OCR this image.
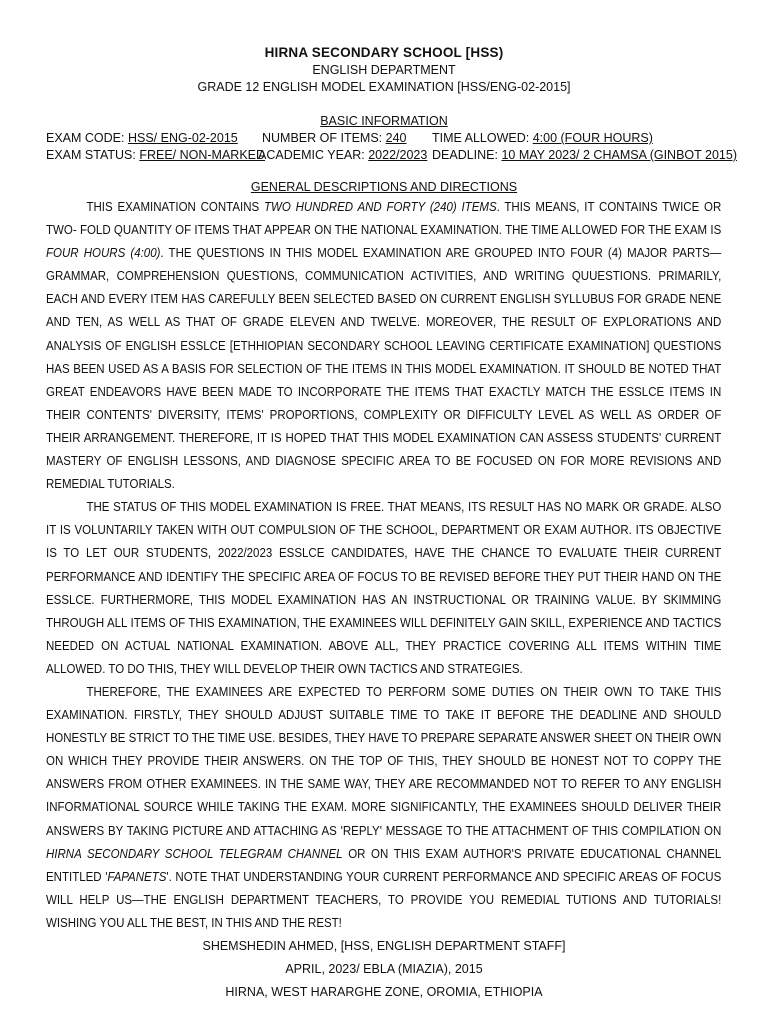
HIRNA SECONDARY SCHOOL [HSS)
ENGLISH DEPARTMENT
GRADE 12 ENGLISH MODEL EXAMINATION [HSS/ENG-02-2015]
BASIC INFORMATION
EXAM CODE: HSS/ ENG-02-2015 NUMBER OF ITEMS: 240 TIME ALLOWED: 4:00 (FOUR HOURS)
EXAM STATUS: FREE/ NON-MARKED
ACADEMIC YEAR: 2022/2023 DEADLINE: 10 MAY 2023/ 2 CHAMSA (GINBOT 2015)
GENERAL DESCRIPTIONS AND DIRECTIONS

THIS EXAMINATION CONTAINS TWO HUNDRED AND FORTY (240) ITEMS. THIS MEANS, IT CONTAINS TWICE OR TWO- FOLD QUANTITY OF ITEMS THAT APPEAR ON THE NATIONAL EXAMINATION. THE TIME ALLOWED FOR THE EXAM IS FOUR HOURS (4:00). THE QUESTIONS IN THIS MODEL EXAMINATION ARE GROUPED INTO FOUR (4) MAJOR PARTS—GRAMMAR, COMPREHENSION QUESTIONS, COMMUNICATION ACTIVITIES, AND WRITING QUUESTIONS. PRIMARILY, EACH AND EVERY ITEM HAS CAREFULLY BEEN SELECTED BASED ON CURRENT ENGLISH SYLLUBUS FOR GRADE NENE AND TEN, AS WELL AS THAT OF GRADE ELEVEN AND TWELVE. MOREOVER, THE RESULT OF EXPLORATIONS AND ANALYSIS OF ENGLISH ESSLCE [ETHHIOPIAN SECONDARY SCHOOL LEAVING CERTIFICATE EXAMINATION] QUESTIONS HAS BEEN USED AS A BASIS FOR SELECTION OF THE ITEMS IN THIS MODEL EXAMINATION. IT SHOULD BE NOTED THAT GREAT ENDEAVORS HAVE BEEN MADE TO INCORPORATE THE ITEMS THAT EXACTLY MATCH THE ESSLCE ITEMS IN THEIR CONTENTS' DIVERSITY, ITEMS' PROPORTIONS, COMPLEXITY OR DIFFICULTY LEVEL AS WELL AS ORDER OF THEIR ARRANGEMENT. THEREFORE, IT IS HOPED THAT THIS MODEL EXAMINATION CAN ASSESS STUDENTS' CURRENT MASTERY OF ENGLISH LESSONS, AND DIAGNOSE SPECIFIC AREA TO BE FOCUSED ON FOR MORE REVISIONS AND REMEDIAL TUTORIALS.

THE STATUS OF THIS MODEL EXAMINATION IS FREE. THAT MEANS, ITS RESULT HAS NO MARK OR GRADE. ALSO IT IS VOLUNTARILY TAKEN WITH OUT COMPULSION OF THE SCHOOL, DEPARTMENT OR EXAM AUTHOR. ITS OBJECTIVE IS TO LET OUR STUDENTS, 2022/2023 ESSLCE CANDIDATES, HAVE THE CHANCE TO EVALUATE THEIR CURRENT PERFORMANCE AND IDENTIFY THE SPECIFIC AREA OF FOCUS TO BE REVISED BEFORE THEY PUT THEIR HAND ON THE ESSLCE. FURTHERMORE, THIS MODEL EXAMINATION HAS AN INSTRUCTIONAL OR TRAINING VALUE. BY SKIMMING THROUGH ALL ITEMS OF THIS EXAMINATION, THE EXAMINEES WILL DEFINITELY GAIN SKILL, EXPERIENCE AND TACTICS NEEDED ON ACTUAL NATIONAL EXAMINATION. ABOVE ALL, THEY PRACTICE COVERING ALL ITEMS WITHIN TIME ALLOWED. TO DO THIS, THEY WILL DEVELOP THEIR OWN TACTICS AND STRATEGIES.

THEREFORE, THE EXAMINEES ARE EXPECTED TO PERFORM SOME DUTIES ON THEIR OWN TO TAKE THIS EXAMINATION. FIRSTLY, THEY SHOULD ADJUST SUITABLE TIME TO TAKE IT BEFORE THE DEADLINE AND SHOULD HONESTLY BE STRICT TO THE TIME USE. BESIDES, THEY HAVE TO PREPARE SEPARATE ANSWER SHEET ON THEIR OWN ON WHICH THEY PROVIDE THEIR ANSWERS. ON THE TOP OF THIS, THEY SHOULD BE HONEST NOT TO COPPY THE ANSWERS FROM OTHER EXAMINEES. IN THE SAME WAY, THEY ARE RECOMMANDED NOT TO REFER TO ANY ENGLISH INFORMATIONAL SOURCE WHILE TAKING THE EXAM. MORE SIGNIFICANTLY, THE EXAMINEES SHOULD DELIVER THEIR ANSWERS BY TAKING PICTURE AND ATTACHING AS 'REPLY' MESSAGE TO THE ATTACHMENT OF THIS COMPILATION ON HIRNA SECONDARY SCHOOL TELEGRAM CHANNEL OR ON THIS EXAM AUTHOR'S PRIVATE EDUCATIONAL CHANNEL ENTITLED 'FAPANETS'. NOTE THAT UNDERSTANDING YOUR CURRENT PERFORMANCE AND SPECIFIC AREAS OF FOCUS WILL HELP US—THE ENGLISH DEPARTMENT TEACHERS, TO PROVIDE YOU REMEDIAL TUTIONS AND TUTORIALS! WISHING YOU ALL THE BEST, IN THIS AND THE REST!

SHEMSHEDIN AHMED, [HSS, ENGLISH DEPARTMENT STAFF]
APRIL, 2023/ EBLA (MIAZIA), 2015
HIRNA, WEST HARARGHE ZONE, OROMIA, ETHIOPIA
